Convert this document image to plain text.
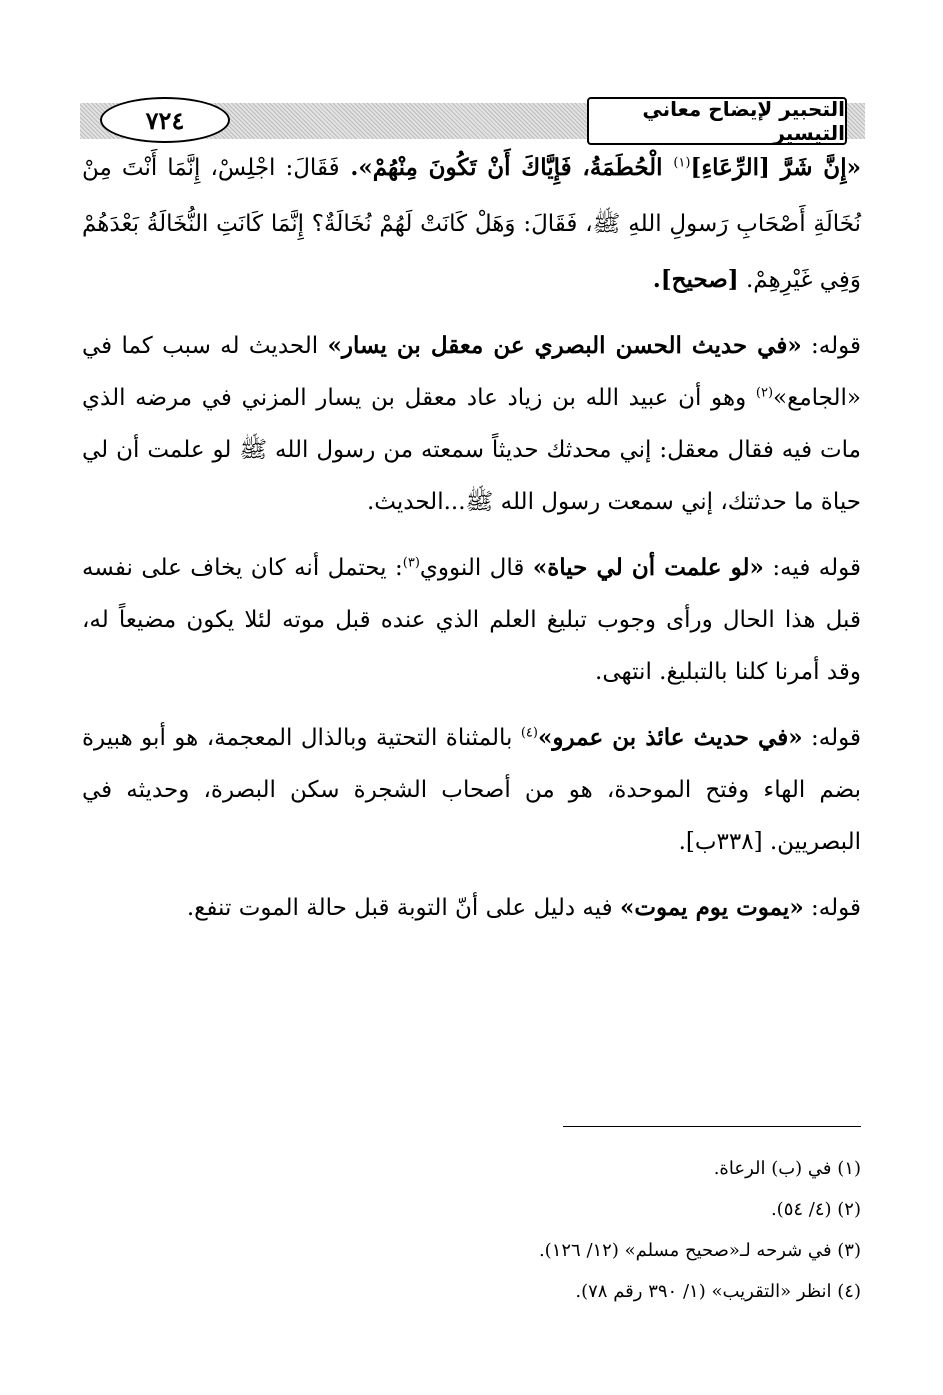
٧٢٤	التحبير لإيضاح معاني التيسير

«إِنَّ شَرَّ [الرِّعَاءِ]$^{(١)}$ الْحُطَمَةُ، فَإِيَّاكَ أَنْ تَكُونَ مِنْهُمْ». فَقَالَ: اجْلِسْ، إِنَّمَا أَنْتَ مِنْ نُخَالَةِ أَصْحَابِ رَسولِ اللهِ ﷺ، فَقَالَ: وَهَلْ كَانَتْ لَهُمْ نُخَالَةٌ؟ إِنَّمَا كَانَتِ النُّخَالَةُ بَعْدَهُمْ وَفِي غَيْرِهِمْ. [صحيح].

قوله: «في حديث الحسن البصري عن معقل بن يسار» الحديث له سبب كما في «الجامع»$^{(٢)}$ وهو أن عبيد الله بن زياد عاد معقل بن يسار المزني في مرضه الذي مات فيه فقال معقل: إني محدثك حديثاً سمعته من رسول الله ﷺ لو علمت أن لي حياة ما حدثتك، إني سمعت رسول الله ﷺ...الحديث.

قوله فيه: «لو علمت أن لي حياة» قال النووي$^{(٣)}$: يحتمل أنه كان يخاف على نفسه قبل هذا الحال ورأى وجوب تبليغ العلم الذي عنده قبل موته لئلا يكون مضيعاً له، وقد أمرنا كلنا بالتبليغ. انتهى.

قوله: «في حديث عائذ بن عمرو»$^{(٤)}$ بالمثناة التحتية وبالذال المعجمة، هو أبو هبيرة بضم الهاء وفتح الموحدة، هو من أصحاب الشجرة سكن البصرة، وحديثه في البصريين. [٣٣٨ب].

قوله: «يموت يوم يموت» فيه دليل على أنّ التوبة قبل حالة الموت تنفع.

(١) في (ب) الرعاة.

(٢) (٤/ ٥٤).

(٣) في شرحه لـ«صحيح مسلم» (١٢/ ١٢٦).

(٤) انظر «التقريب» (١/ ٣٩٠ رقم ٧٨).
